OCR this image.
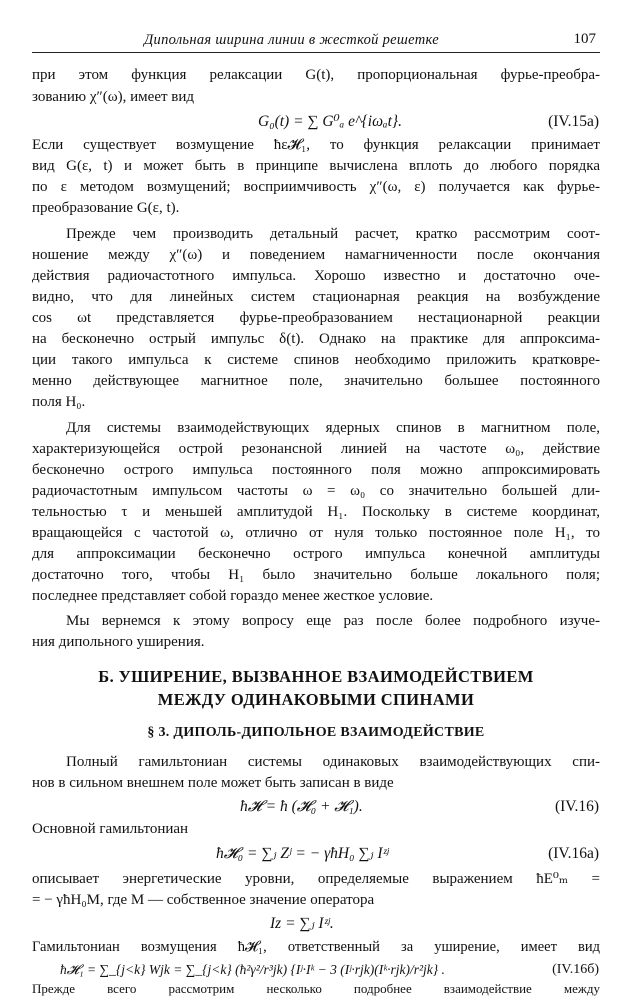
Дипольная ширина линии в жесткой решетке	107
при этом функция релаксации G(t), пропорциональная фурье-преобра-
зованию χ″(ω), имеет вид
G₀(t) = ∑ G⁰ₐ e^{iωₐt}.	(IV.15а)
Если существует возмущение ħε𝓗₁, то функция релаксации принимает
вид G(ε, t) и может быть в принципе вычислена вплоть до любого порядка
по ε методом возмущений; восприимчивость χ″(ω, ε) получается как фурье-
преобразование G(ε, t).
Прежде чем производить детальный расчет, кратко рассмотрим соот-
ношение между χ″(ω) и поведением намагниченности после окончания
действия радиочастотного импульса. Хорошо известно и достаточно оче-
видно, что для линейных систем стационарная реакция на возбуждение
cos ωt представляется фурье-преобразованием нестационарной реакции
на бесконечно острый импульс δ(t). Однако на практике для аппроксима-
ции такого импульса к системе спинов необходимо приложить кратковре-
менно действующее магнитное поле, значительно большее постоянного
поля H₀.
Для системы взаимодействующих ядерных спинов в магнитном поле,
характеризующейся острой резонансной линией на частоте ω₀, действие
бесконечно острого импульса постоянного поля можно аппроксимировать
радиочастотным импульсом частоты ω = ω₀ со значительно большей дли-
тельностью τ и меньшей амплитудой H₁. Поскольку в системе координат,
вращающейся с частотой ω, отлично от нуля только постоянное поле H₁, то
для аппроксимации бесконечно острого импульса конечной амплитуды
достаточно того, чтобы H₁ было значительно больше локального поля;
последнее представляет собой гораздо менее жесткое условие.
Мы вернемся к этому вопросу еще раз после более подробного изуче-
ния дипольного уширения.
Б. УШИРЕНИЕ, ВЫЗВАННОЕ ВЗАИМОДЕЙСТВИЕМ
МЕЖДУ ОДИНАКОВЫМИ СПИНАМИ
§ 3. ДИПОЛЬ-ДИПОЛЬНОЕ ВЗАИМОДЕЙСТВИЕ
Полный гамильтониан системы одинаковых взаимодействующих спи-
нов в сильном внешнем поле может быть записан в виде
ħ𝓗 = ħ (𝓗₀ + 𝓗₁).	(IV.16)
Основной гамильтониан
ħ𝓗₀ = ∑ⱼ Zʲ = − γħH₀ ∑ⱼ Iᶻʲ	(IV.16а)
описывает энергетические уровни, определяемые выражением ħE⁰ₘ =
= − γħH₀M, где M — собственное значение оператора
Iz = ∑ⱼ Iᶻʲ.
Гамильтониан возмущения ħ𝓗₁, ответственный за уширение, имеет вид
ħ𝓗₁ = ∑_{j<k} Wjk = ∑_{j<k} (ħ²γ²/r³jk) {Iʲ·Iᵏ − 3 (Iʲ·rjk)(Iᵏ·rjk)/r²jk} .	(IV.16б)
Прежде всего рассмотрим несколько подробнее взаимодействие между
